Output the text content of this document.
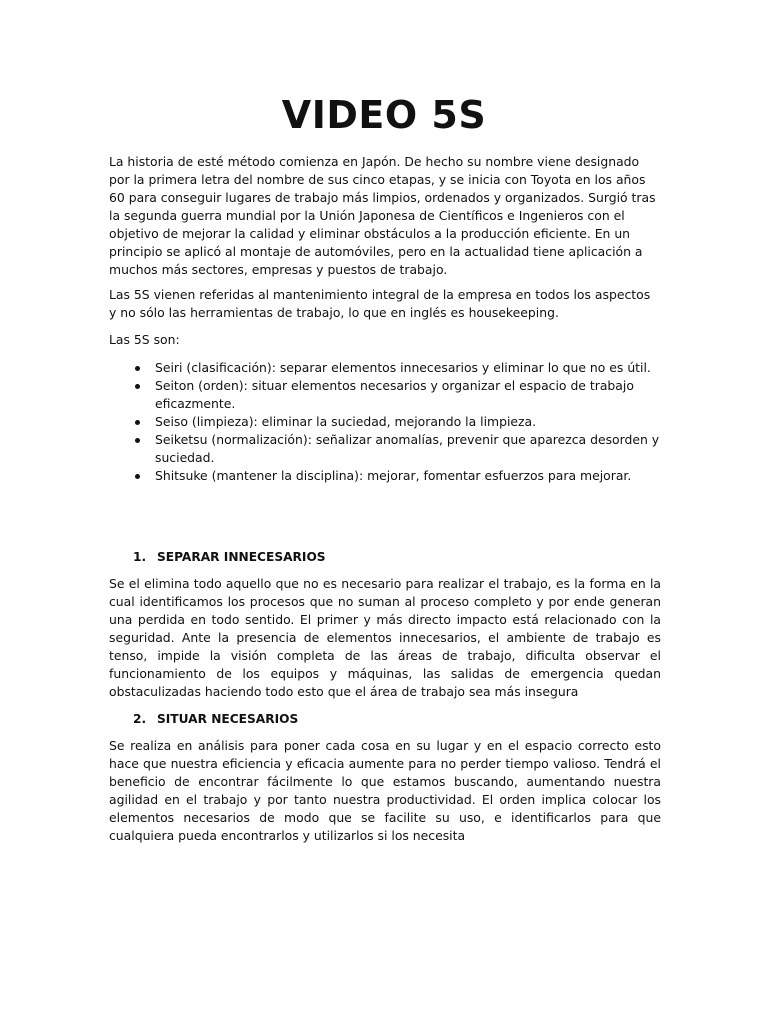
VIDEO 5S

La historia de esté método comienza en Japón. De hecho su nombre viene designado por la primera letra del nombre de sus cinco etapas, y se inicia con Toyota en los años 60 para conseguir lugares de trabajo más limpios, ordenados y organizados. Surgió tras la segunda guerra mundial por la Unión Japonesa de Científicos e Ingenieros con el objetivo de mejorar la calidad y eliminar obstáculos a la producción eficiente. En un principio se aplicó al montaje de automóviles, pero en la actualidad tiene aplicación a muchos más sectores, empresas y puestos de trabajo.

Las 5S vienen referidas al mantenimiento integral de la empresa en todos los aspectos y no sólo las herramientas de trabajo, lo que en inglés es housekeeping.

Las 5S son:

Seiri (clasificación): separar elementos innecesarios y eliminar lo que no es útil.
Seiton (orden): situar elementos necesarios y organizar el espacio de trabajo eficazmente.
Seiso (limpieza): eliminar la suciedad, mejorando la limpieza.
Seiketsu (normalización): señalizar anomalías, prevenir que aparezca desorden y suciedad.
Shitsuke (mantener la disciplina): mejorar, fomentar esfuerzos para mejorar.
1. SEPARAR INNECESARIOS

Se el elimina todo aquello que no es necesario para realizar el trabajo, es la forma en la cual identificamos los procesos que no suman al proceso completo y por ende generan una perdida en todo sentido. El primer y más directo impacto está relacionado con la seguridad. Ante la presencia de elementos innecesarios, el ambiente de trabajo es tenso, impide la visión completa de las áreas de trabajo, dificulta observar el funcionamiento de los equipos y máquinas, las salidas de emergencia quedan obstaculizadas haciendo todo esto que el área de trabajo sea más insegura

2. SITUAR NECESARIOS

Se realiza en análisis para poner cada cosa en su lugar y en el espacio correcto esto hace que nuestra eficiencia y eficacia aumente para no perder tiempo valioso. Tendrá el beneficio de encontrar fácilmente lo que estamos buscando, aumentando nuestra agilidad en el trabajo y por tanto nuestra productividad. El orden implica colocar los elementos necesarios de modo que se facilite su uso, e identificarlos para que cualquiera pueda encontrarlos y utilizarlos si los necesita
